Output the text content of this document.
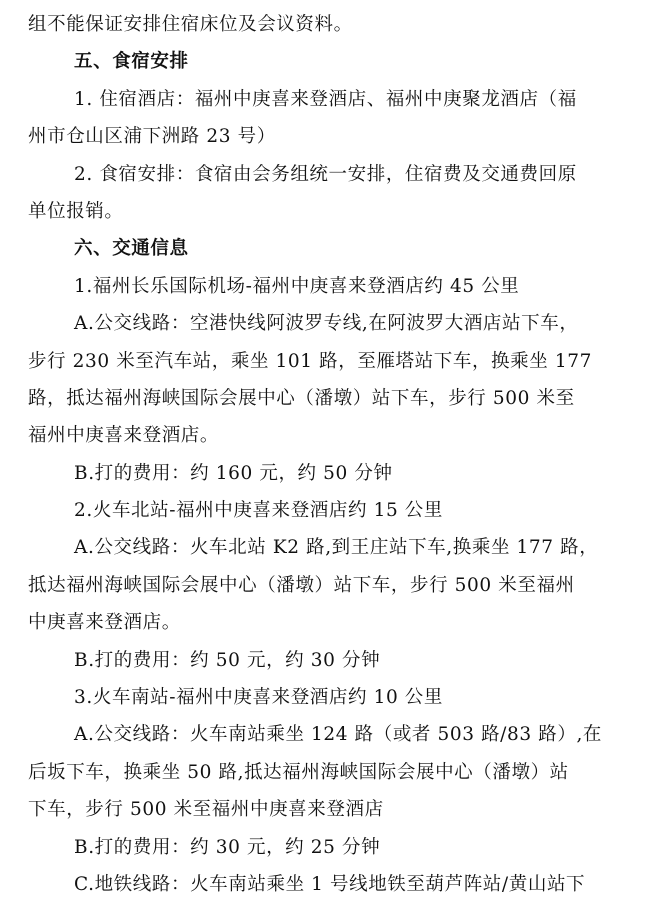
组不能保证安排住宿床位及会议资料。
五、食宿安排
1. 住宿酒店：福州中庚喜来登酒店、福州中庚聚龙酒店（福
州市仓山区浦下洲路 23 号）
2. 食宿安排：食宿由会务组统一安排，住宿费及交通费回原
单位报销。
六、交通信息
1.福州长乐国际机场-福州中庚喜来登酒店约 45 公里
A.公交线路：空港快线阿波罗专线,在阿波罗大酒店站下车，
步行 230 米至汽车站，乘坐 101 路，至雁塔站下车，换乘坐 177
路，抵达福州海峡国际会展中心（潘墩）站下车，步行 500 米至
福州中庚喜来登酒店。
B.打的费用：约 160 元，约 50 分钟
2.火车北站-福州中庚喜来登酒店约 15 公里
A.公交线路：火车北站 K2 路,到王庄站下车,换乘坐 177 路，
抵达福州海峡国际会展中心（潘墩）站下车，步行 500 米至福州
中庚喜来登酒店。
B.打的费用：约 50 元，约 30 分钟
3.火车南站-福州中庚喜来登酒店约 10 公里
A.公交线路：火车南站乘坐 124 路（或者 503 路/83 路）,在
后坂下车，换乘坐 50 路,抵达福州海峡国际会展中心（潘墩）站
下车，步行 500 米至福州中庚喜来登酒店
B.打的费用：约 30 元，约 25 分钟
C.地铁线路：火车南站乘坐 1 号线地铁至葫芦阵站/黄山站下
